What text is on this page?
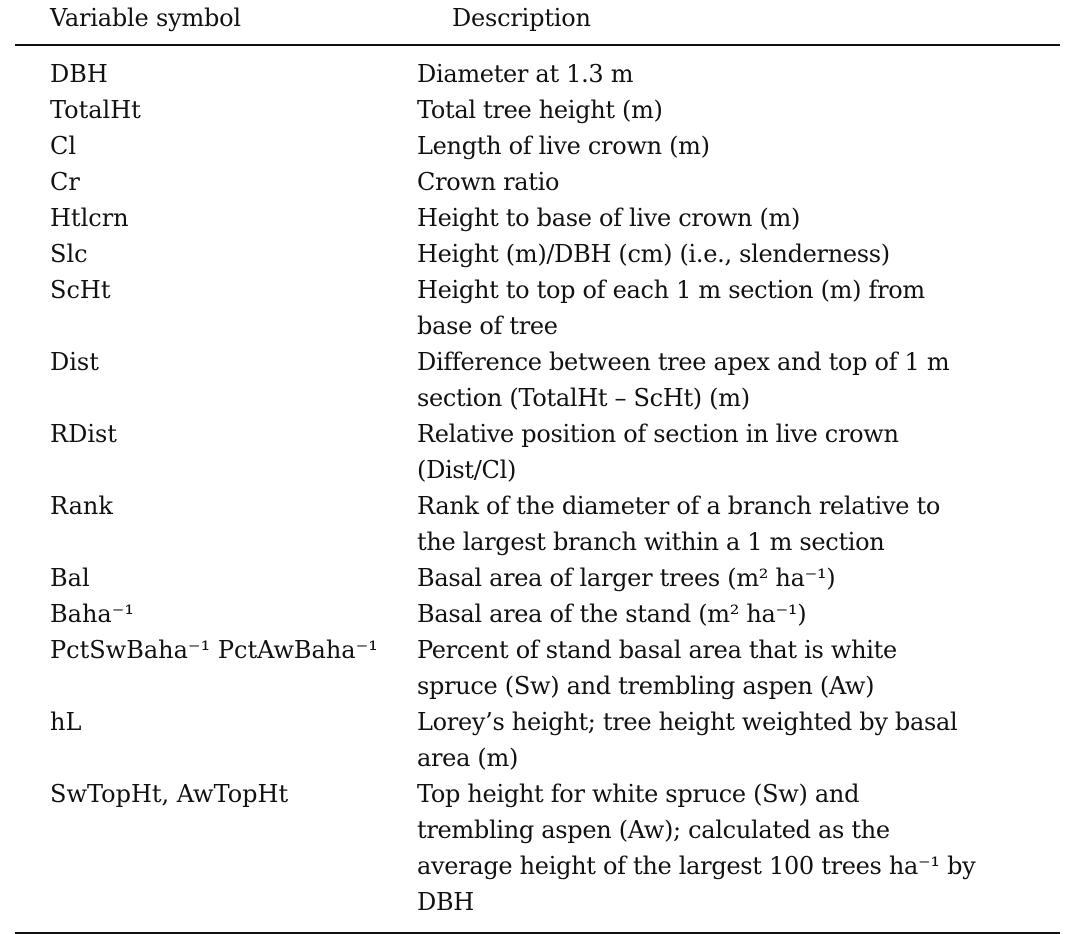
Variable symbol	Description
DBH	Diameter at 1.3 m
TotalHt	Total tree height (m)
Cl	Length of live crown (m)
Cr	Crown ratio
Htlcrn	Height to base of live crown (m)
Slc	Height (m)/DBH (cm) (i.e., slenderness)
ScHt	Height to top of each 1 m section (m) from base of tree
Dist	Difference between tree apex and top of 1 m section (TotalHt – ScHt) (m)
RDist	Relative position of section in live crown (Dist/Cl)
Rank	Rank of the diameter of a branch relative to the largest branch within a 1 m section
Bal	Basal area of larger trees (m² ha⁻¹)
Baha⁻¹	Basal area of the stand (m² ha⁻¹)
PctSwBaha⁻¹ PctAwBaha⁻¹	Percent of stand basal area that is white spruce (Sw) and trembling aspen (Aw)
hL	Lorey’s height; tree height weighted by basal area (m)
SwTopHt, AwTopHt	Top height for white spruce (Sw) and trembling aspen (Aw); calculated as the average height of the largest 100 trees ha⁻¹ by DBH
